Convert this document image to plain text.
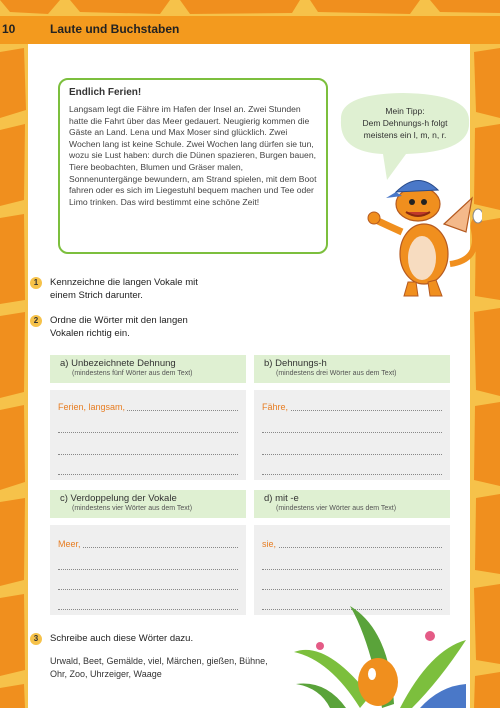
10	Laute und Buchstaben

Endlich Ferien!

Langsam legt die Fähre im Hafen der Insel an. Zwei Stunden hatte die Fahrt über das Meer gedauert. Neugierig kommen die Gäste an Land. Lena und Max Moser sind glücklich. Zwei Wochen lang ist keine Schule. Zwei Wochen lang dürfen sie tun, wozu sie Lust haben: durch die Dünen spazieren, Burgen bauen, Tiere beobachten, Blumen und Gräser malen, Sonnenuntergänge bewundern, am Strand spielen, mit dem Boot fahren oder es sich im Liegestuhl bequem machen und Tee oder Limo trinken. Das wird bestimmt eine schöne Zeit!

Mein Tipp:
Dem Dehnungs-h folgt
meistens ein l, m, n, r.
1	Kennzeichne die langen Vokale mit einem Strich darunter.
2	Ordne die Wörter mit den langen Vokalen richtig ein.
a) Unbezeichnete Dehnung
(mindestens fünf Wörter aus dem Text)
Ferien, langsam,
b) Dehnungs-h
(mindestens drei Wörter aus dem Text)
Fähre,
c) Verdoppelung der Vokale
(mindestens vier Wörter aus dem Text)
Meer,
d) mit -e
(mindestens vier Wörter aus dem Text)
sie,
3	Schreibe auch diese Wörter dazu.
Urwald, Beet, Gemälde, viel, Märchen, gießen, Bühne, Ohr, Zoo, Uhrzeiger, Waage
